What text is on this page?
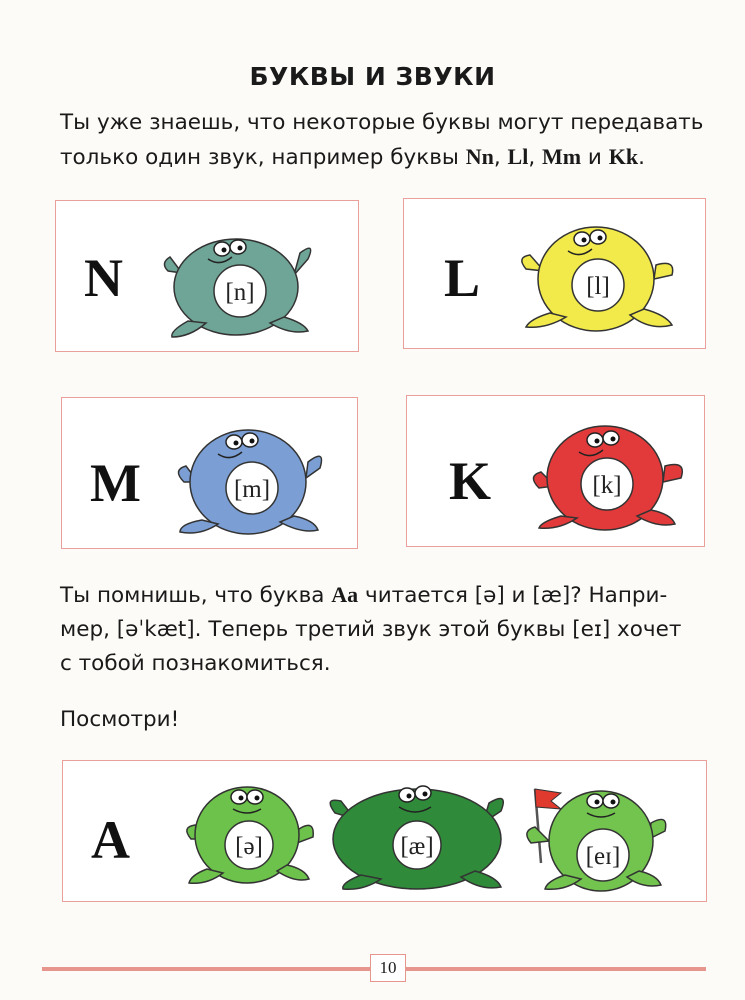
БУКВЫ И ЗВУКИ
Ты уже знаешь, что некоторые буквы могут передавать
только один звук, например буквы Nn, Ll, Mm и Kk.
N	[n]	L	[l]
M	[m]	K	[k]
Ты помнишь, что буква Aa читается [ə] и [æ]? Напри-
мер, [əˈkæt]. Теперь третий звук этой буквы [eɪ] хочет
с тобой познакомиться.
Посмотри!
A	[ə]	[æ]	[eɪ]
10
